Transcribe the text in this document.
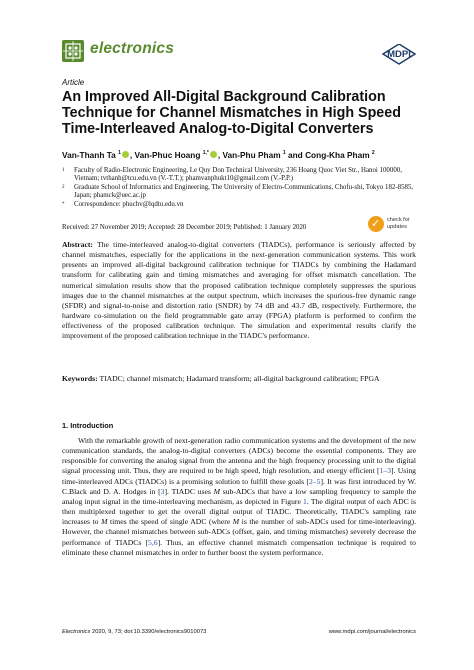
electronics	MDPI
Article
An Improved All-Digital Background Calibration Technique for Channel Mismatches in High Speed Time-Interleaved Analog-to-Digital Converters
Van-Thanh Ta $^1$ , Van-Phuc Hoang $^{1,*}$ , Van-Phu Pham $^1$ and Cong-Kha Pham $^2$
1 Faculty of Radio-Electronic Engineering, Le Quy Don Technical University, 236 Hoang Quoc Viet Str., Hanoi 100000, Vietnam; tvthanh@tcu.edu.vn (V.-T.T.); phamvanphukt10@gmail.com (V.-P.P.)
2 Graduate School of Informatics and Engineering, The University of Electro-Communications, Chofu-shi, Tokyo 182-8585, Japan; phamck@uec.ac.jp
* Correspondence: phuchv@lqdtu.edu.vn
Received: 27 November 2019; Accepted: 28 December 2019; Published: 1 January 2020	✓ check for
updates
Abstract: The time-interleaved analog-to-digital converters (TIADCs), performance is seriously affected by channel mismatches, especially for the applications in the next-generation communication systems. This work presents an improved all-digital background calibration technique for TIADCs by combining the Hadamard transform for calibrating gain and timing mismatches and averaging for offset mismatch cancellation. The numerical simulation results show that the proposed calibration technique completely suppresses the spurious images due to the channel mismatches at the output spectrum, which increases the spurious-free dynamic range (SFDR) and signal-to-noise and distortion ratio (SNDR) by 74 dB and 43.7 dB, respectively. Furthermore, the hardware co-simulation on the field programmable gate array (FPGA) platform is performed to confirm the effectiveness of the proposed calibration technique. The simulation and experimental results clarify the improvement of the proposed calibration technique in the TIADC's performance.
Keywords: TIADC; channel mismatch; Hadamard transform; all-digital background calibration; FPGA
1. Introduction
With the remarkable growth of next-generation radio communication systems and the development of the new communication standards, the analog-to-digital converters (ADCs) become the essential components. They are responsible for converting the analog signal from the antenna and the high frequency processing unit to the digital signal processing unit. Thus, they are required to be high speed, high resolution, and energy efficient [1–3]. Using time-interleaved ADCs (TIADCs) is a promising solution to fulfill these goals [2–5]. It was first introduced by W. C.Black and D. A. Hodges in [3]. TIADC uses M sub-ADCs that have a low sampling frequency to sample the analog input signal in the time-interleaving mechanism, as depicted in Figure 1. The digital output of each ADC is then multiplexed together to get the overall digital output of TIADC. Theoretically, TIADC's sampling rate increases to M times the speed of single ADC (where M is the number of sub-ADCs used for time-interleaving). However, the channel mismatches between sub-ADCs (offset, gain, and timing mismatches) severely decrease the performance of TIADCs [5,6]. Thus, an effective channel mismatch compensation technique is required to eliminate these channel mismatches in order to further boost the system performance.
Electronics 2020, 9, 73; doi:10.3390/electronics9010073	www.mdpi.com/journal/electronics
